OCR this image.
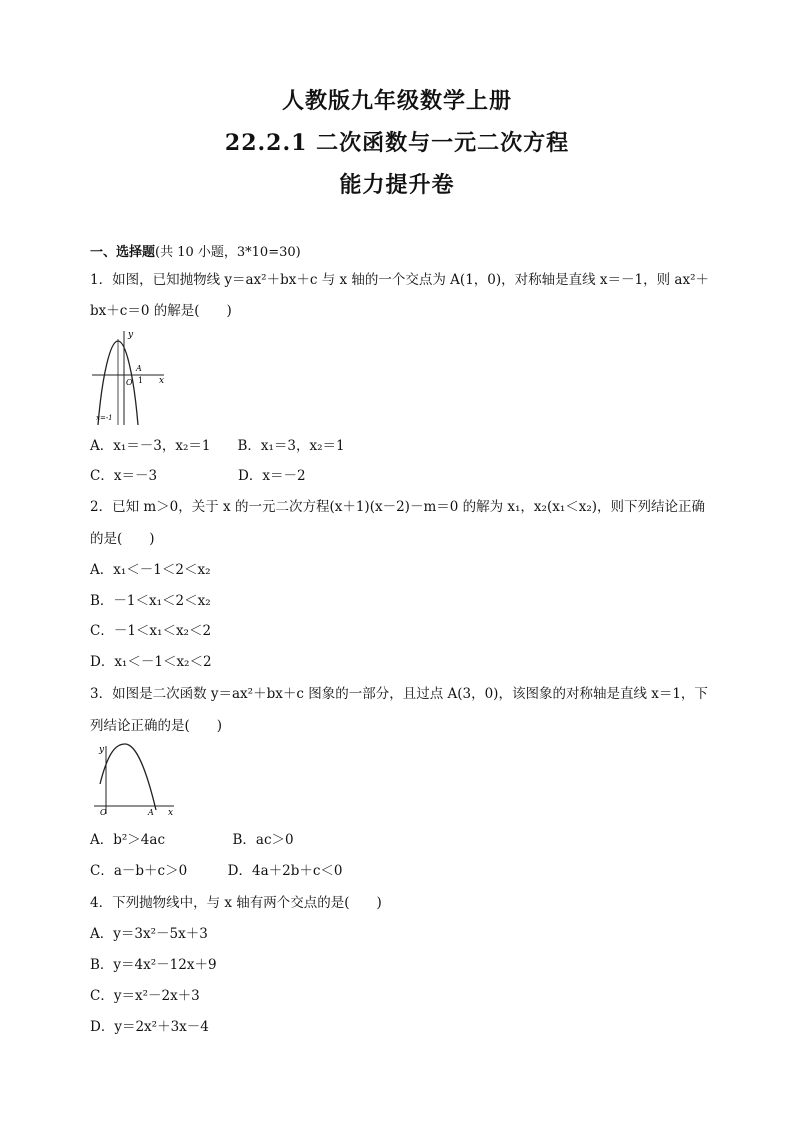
人教版九年级数学上册
22.2.1 二次函数与一元二次方程
能力提升卷
一、选择题(共 10 小题，3*10=30)
1．如图，已知抛物线 y＝ax²＋bx＋c 与 x 轴的一个交点为 A(1，0)，对称轴是直线 x＝－1，则 ax²＋
bx＋c＝0 的解是(　　)
y
x
A
O 1
x=-1
A．x₁＝－3，x₂＝1　　B．x₁＝3，x₂＝1
C．x＝－3　　　　　　D．x＝－2
2．已知 m＞0，关于 x 的一元二次方程(x＋1)(x－2)－m＝0 的解为 x₁，x₂(x₁＜x₂)，则下列结论正确
的是(　　)
A．x₁＜－1＜2＜x₂
B．－1＜x₁＜2＜x₂
C．－1＜x₁＜x₂＜2
D．x₁＜－1＜x₂＜2
3．如图是二次函数 y＝ax²＋bx＋c 图象的一部分，且过点 A(3，0)，该图象的对称轴是直线 x＝1，下
列结论正确的是(　　)
y
x
O	A
A．b²＞4ac　　　　　B．ac＞0
C．a－b＋c＞0　　　D．4a＋2b＋c＜0
4．下列抛物线中，与 x 轴有两个交点的是(　　)
A．y＝3x²－5x＋3
B．y＝4x²－12x＋9
C．y＝x²－2x＋3
D．y＝2x²＋3x－4
